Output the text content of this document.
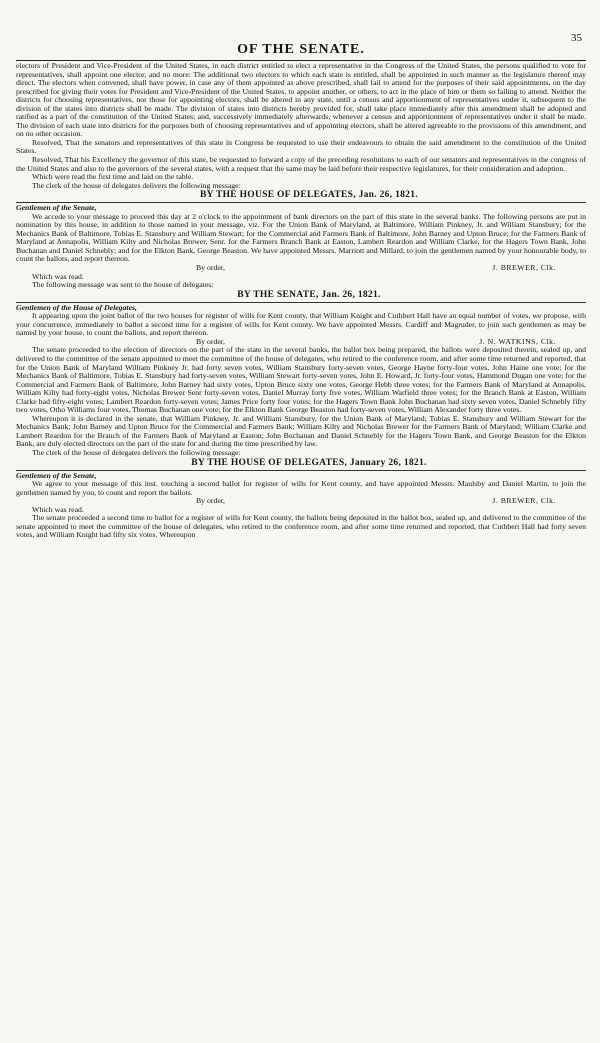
OF THE SENATE.
35

electors of President and Vice-President of the United States, in each district entitled to elect a representative in the Congress of the United States, the persons qualified to vote for representatives, shall appoint one elector, and no more: The additional two electors to which each state is entitled, shall be appointed in such manner as the legislature thereof may direct. The electors when convened, shall have power, in case any of them appointed as above prescribed, shall fail to attend for the purposes of their said appointments, on the day prescribed for giving their votes for President and Vice-President of the United States, to appoint another, or others, to act in the place of him or them so failing to attend. Neither the districts for choosing representatives, nor those for appointing electors, shall be altered in any state, until a census and apportionment of representatives under it, subsequent to the division of the states into districts shall be made. The division of states into districts hereby provided for, shall take place immediately after this amendment shall be adopted and ratified as a part of the constitution of the United States; and, successively immediately afterwards, whenever a census and apportionment of representatives under it shall be made. The division of each state into districts for the purposes both of choosing representatives and of appointing electors, shall be altered agreeable to the provisions of this amendment, and on no other occasion.

Resolved, That the senators and representatives of this state in Congress be requested to use their endeavours to obtain the said amendment to the constitution of the United States.

Resolved, That his Excellency the governor of this state, be requested to forward a copy of the preceding resolutions to each of our senators and representatives in the congress of the United States and also to the governors of the several states, with a request that the same may be laid before their respective legislatures, for their consideration and adoption.

Which were read the first time and laid on the table.

The clerk of the house of delegates delivers the following message:

BY THE HOUSE OF DELEGATES, Jan. 26, 1821.

Gentlemen of the Senate,

We accede to your message to proceed this day at 2 o'clock to the appointment of bank directors on the part of this state in the several banks. The following persons are put in nomination by this house, in addition to those named in your message, viz. For the Union Bank of Maryland, at Baltimore, William Pinkney, Jr. and William Stansbury; for the Mechanics Bank of Baltimore, Tobias E. Stansbury and William Stewart; for the Commercial and Farmers Bank of Baltimore, John Barney and Upton Bruce; for the Farmers Bank of Maryland at Annapolis, William Kilty and Nicholas Brewer, Senr. for the Farmers Branch Bank at Easton, Lambert Reardon and William Clarke, for the Hagers Town Bank, John Buchanan and Daniel Schnebly; and for the Elkton Bank, George Beaston. We have appointed Messrs. Marriott and Millard, to join the gentlemen named by your honourable body, to count the ballots, and report thereon.

By order,	J. BREWER, Clk.

Which was read.

The following message was sent to the house of delegates:

BY THE SENATE, Jan. 26, 1821.

Gentlemen of the House of Delegates,

It appearing upon the joint ballot of the two houses for register of wills for Kent county, that William Knight and Cuthbert Hall have an equal number of votes, we propose, with your concurrence, immediately to ballot a second time for a register of wills for Kent county. We have appointed Messrs. Cardiff and Magruder, to join such gentlemen as may be named by your house, to count the ballots, and report thereon.

By order,	J. N. WATKINS, Clk.

The senate proceeded to the election of directors on the part of the state in the several banks, the ballot box being prepared, the ballots were deposited therein, sealed up, and delivered to the committee of the senate appointed to meet the committee of the house of delegates, who retired to the conference room, and after some time returned and reported, that for the Union Bank of Maryland William Pinkney Jr. had forty seven votes, William Stansbury forty-seven votes, George Hayne forty-four votes, John Haine one vote; for the Mechanics Bank of Baltimore, Tobias E. Stansbury had forty-seven votes, William Stewart forty-seven votes, John E. Howard, Jr. forty-four votes, Hammond Dugan one vote; for the Commercial and Farmers Bank of Baltimore, John Barney had sixty votes, Upton Bruce sixty one votes, George Hebb three votes; for the Farmers Bank of Maryland at Annapolis, William Kilty had forty-eight votes, Nicholas Brewer Senr forty-seven votes, Daniel Murray forty five votes, William Warfield three votes; for the Branch Bank at Easton, William Clarke had fifty-eight votes; Lambert Reardon forty-seven votes; James Price forty four votes; for the Hagers Town Bank John Buchanan had sixty seven votes, Daniel Schnebly fifty two votes, Otho Williams four votes, Thomas Buchanan one vote; for the Elkton Bank George Beaston had forty-seven votes, William Alexander forty three votes.

Whereupon it is declared in the senate, that William Pinkney, Jr. and William Stansbury, for the Union Bank of Maryland; Tobias E. Stansbury and William Stewart for the Mechanics Bank; John Barney and Upton Bruce for the Commercial and Farmers Bank; William Kilty and Nicholas Brewer for the Farmers Bank of Maryland; William Clarke and Lambert Reardon for the Branch of the Farmers Bank of Maryland at Easton; John Buchanan and Daniel Schnebly for the Hagers Town Bank, and George Beaston for the Elkton Bank, are duly elected directors on the part of the state for and during the time prescribed by law.

The clerk of the house of delegates delivers the following message:

BY THE HOUSE OF DELEGATES, January 26, 1821.

Gentlemen of the Senate,

We agree to your message of this inst. touching a second ballot for register of wills for Kent county, and have appointed Messrs. Maulsby and Daniel Martin, to join the gentlemen named by you, to count and report the ballots.

By order,	J. BREWER, Clk.

Which was read.

The senate proceeded a second time to ballot for a register of wills for Kent county, the ballots being deposited in the ballot box, sealed up, and delivered to the committee of the senate appointed to meet the committee of the house of delegates, who retired to the conference room, and after some time returned and reported, that Cuthbert Hall had forty seven votes, and William Knight had fifty six votes. Whereupon
